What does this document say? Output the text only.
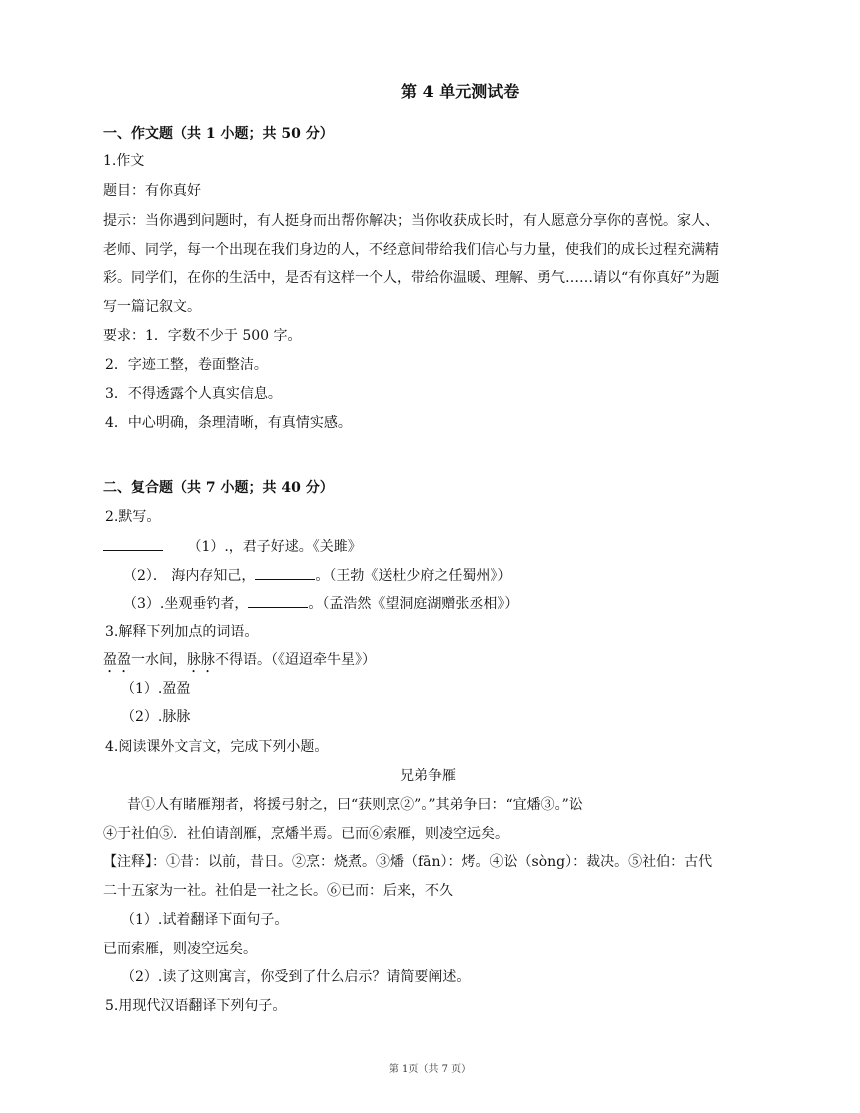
第 4 单元测试卷
一、作文题（共 1 小题；共 50 分）
1.作文
题目：有你真好
提示：当你遇到问题时，有人挺身而出帮你解决；当你收获成长时，有人愿意分享你的喜悦。家人、
老师、同学，每一个出现在我们身边的人，不经意间带给我们信心与力量，使我们的成长过程充满精
彩。同学们，在你的生活中，是否有这样一个人，带给你温暖、理解、勇气……请以“有你真好”为题
写一篇记叙文。
要求：1．字数不少于 500 字。
2．字迹工整，卷面整洁。
3．不得透露个人真实信息。
4．中心明确，条理清晰，有真情实感。
二、复合题（共 7 小题；共 40 分）
2.默写。
（1）.，君子好逑。《关雎》
（2）． 海内存知己，	。（王勃《送杜少府之任蜀州》）
（3）.坐观垂钓者，	。（孟浩然《望洞庭湖赠张丞相》）
3.解释下列加点的词语。
盈盈一水间，脉脉不得语。（《迢迢牵牛星》）
（1）.盈盈
（2）.脉脉
4.阅读课外文言文，完成下列小题。
兄弟争雁
昔①人有睹雁翔者，将援弓射之，曰“获则烹②”。”其弟争曰：“宜燔③。”讼
④于社伯⑤．社伯请剖雁，烹燔半焉。已而⑥索雁，则凌空远矣。
【注释】：①昔：以前，昔日。②烹：烧煮。③燔（fān）：烤。④讼（sòng）：裁决。⑤社伯：古代
二十五家为一社。社伯是一社之长。⑥已而：后来，不久
（1）.试着翻译下面句子。
已而索雁，则凌空远矣。
（2）.读了这则寓言，你受到了什么启示？请简要阐述。
5.用现代汉语翻译下列句子。
第 1页（共 7 页）
